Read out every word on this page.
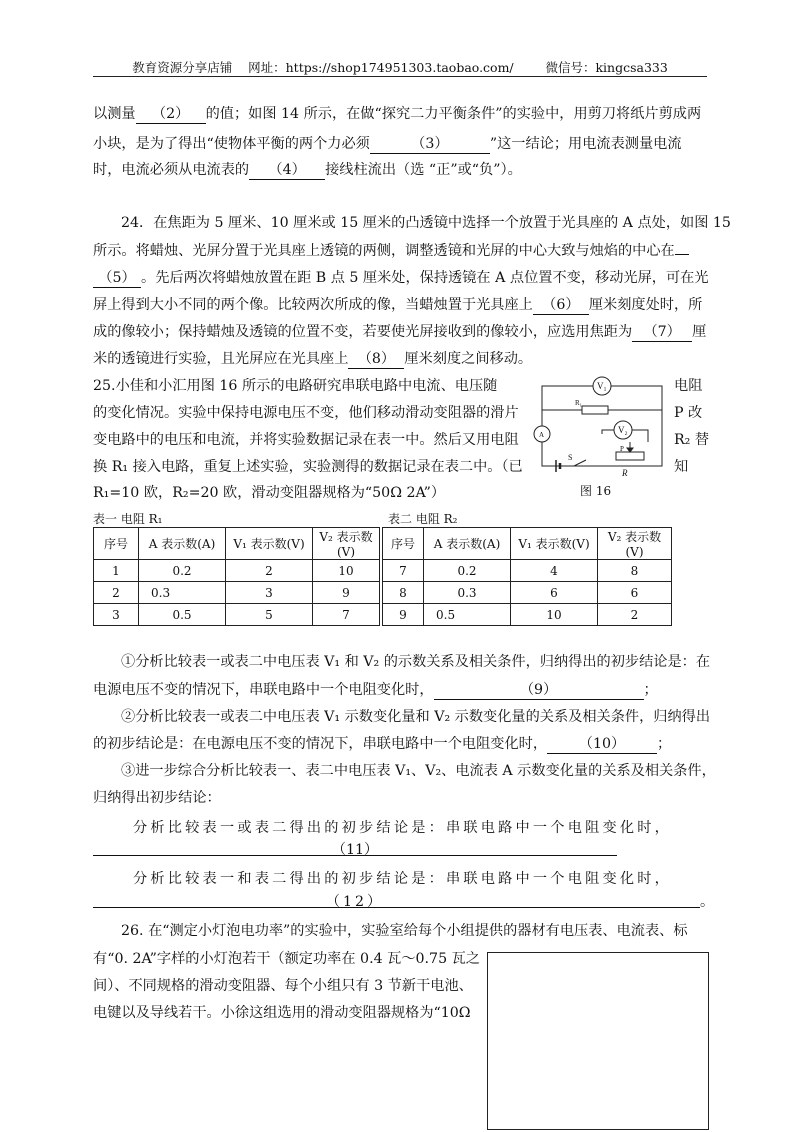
教育资源分享店铺 网址：https://shop174951303.taobao.com/	微信号：kingcsa333
以测量 （2） 的值；如图 14 所示，在做“探究二力平衡条件”的实验中，用剪刀将纸片剪成两
小块，是为了得出“使物体平衡的两个力必须	（3）	”这一结论；用电流表测量电流
时，电流必须从电流表的 （4） 接线柱流出（选 “正”或“负”）。
24．在焦距为 5 厘米、10 厘米或 15 厘米的凸透镜中选择一个放置于光具座的 A 点处，如图 15
所示。将蜡烛、光屏分置于光具座上透镜的两侧，调整透镜和光屏的中心大致与烛焰的中心在
（5） 。先后两次将蜡烛放置在距 B 点 5 厘米处，保持透镜在 A 点位置不变，移动光屏，可在光
屏上得到大小不同的两个像。比较两次所成的像，当蜡烛置于光具座上 （6） 厘米刻度处时，所
成的像较小；保持蜡烛及透镜的位置不变，若要使光屏接收到的像较小，应选用焦距为 （7） 厘
米的透镜进行实验，且光屏应在光具座上 （8） 厘米刻度之间移动。
25.小佳和小汇用图 16 所示的电路研究串联电路中电流、电压随
的变化情况。实验中保持电源电压不变，他们移动滑动变阻器的滑片
变电路中的电压和电流，并将实验数据记录在表一中。然后又用电阻
换 R₁ 接入电路，重复上述实验，实验测得的数据记录在表二中。（已
R₁=10 欧，R₂=20 欧，滑动变阻器规格为“50Ω 2A”）
电阻
P 改
R₂ 替
知
V₁
V₂
A
R₁
S
P
R
图 16
表一 电阻 R₁	表二 电阻 R₂
序号	A 表示数(A)	V₁ 表示数(V)	V₂ 表示数(V)
1	0.2	2	10
2	0.3	3	9
3	0.5	5	7
序号	A 表示数(A)	V₁ 表示数(V)	V₂ 表示数(V)
7	0.2	4	8
8	0.3	6	6
9	0.5	10	2
①分析比较表一或表二中电压表 V₁ 和 V₂ 的示数关系及相关条件，归纳得出的初步结论是：在
电源电压不变的情况下，串联电路中一个电阻变化时，	（9）	；
②分析比较表一或表二中电压表 V₁ 示数变化量和 V₂ 示数变化量的关系及相关条件，归纳得出
的初步结论是：在电源电压不变的情况下，串联电路中一个电阻变化时， （10） ；
③进一步综合分析比较表一、表二中电压表 V₁、V₂、电流表 A 示数变化量的关系及相关条件，
归纳得出初步结论：
分析比较表一或表二得出的初步结论是：串联电路中一个电阻变化时，
（11）
分析比较表一和表二得出的初步结论是：串联电路中一个电阻变化时，
（12）	。
26. 在“测定小灯泡电功率”的实验中，实验室给每个小组提供的器材有电压表、电流表、标
有“0. 2A”字样的小灯泡若干（额定功率在 0.4 瓦～0.75 瓦之
间）、不同规格的滑动变阻器、每个小组只有 3 节新干电池、
电键以及导线若干。小徐这组选用的滑动变阻器规格为“10Ω
